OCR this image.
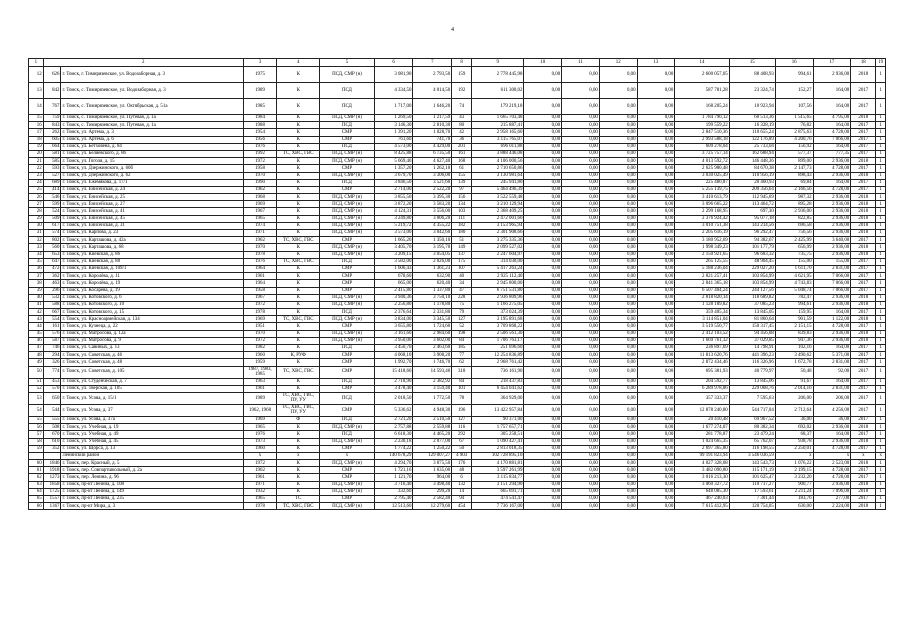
4
1	2		3	4	5	6	7	8	9	10	11	12	13	14	15	16	17	18	19
12	626	г. Томск, г. Тимирязевское, ул. Водозаборная, д. 3	1975	К	ПСД, СМР (н)	3 081,90	2 793,50	159	2 778 445,98	0,00	0,00	0,00	0,00	2 600 057,05	88 408,93	994,61	2 936,00	2018	1
13	842	г. Томск, с. Тимирязевское, ул. Водозаборная, д. 3	1989	К	ПСД	4 334,50	4 014,50	192	611 300,02	0,00	0,00	0,00	0,00	587 781,28	23 324,74	152,27	164,00	2017	1
14	767	г. Томск, с. Тимирязевское, ул. Октябрьская, д. 51а	1985	К	ПСД	1 717,00	1 646,20	74	179 219,18	0,00	0,00	0,00	0,00	168 205,24	10 923,94	107,56	164,00	2017	1
15	759	г. Томск, с. Тимирязевское, ул. Путевая, д. 1а	1984	К	ПСД, СМР (н)	1 269,50	1 217,59	43	1 665 703,48	0,00	0,00	0,00	0,00	1 784 790,12	60 513,36	1 515,65	4 795,00	2018	1
16	843	г. Томск, с. Тимирязевское, ул. Путевая, д. 1а	1988	К	ПСД	3 146,30	2 810,30	80	215 887,41	0,00	0,00	0,00	0,00	199 559,22	16 328,19	76,82	164,00	2017	1
17	262	г. Томск, ул. Артема, д. 3	1954	К	СМР	1 391,20	1 028,70	42	2 958 165,60	0,00	0,00	0,00	0,00	2 847 510,36	110 655,24	2 875,63	4 728,00	2017	1
18	605	г. Томск, ул. Артема, д. 6	1956	К	СМР	761,60	741,70	36	3 115 765,07	0,00	0,00	0,00	0,00	2 993 588,18	122 176,89	4 200,76	7 066,00	2017	1
19	664	г. Томск, ул. Бетховена, д. 84	1976	К	ПСД	4 573,00	4 429,00	201	696 011,88	0,00	0,00	0,00	0,00	609 278,04	25 733,04	156,92	164,00	2017	1
20	581	г. Томск, ул. Беляевского, д. 86	1992	ТС, ХВС, ГВС	ПСД, СМР (н)	8 425,88	6 735,50	161	3 888 446,08	0,00	0,00	0,00	0,00	3 725 757,14	162 688,94	577,37	777,35	2017	1
21	585	г. Томск, ул. Гоголя, д. 15	1972	К	ПСД, СМР (н)	5 669,40	4 627,40	168	4 106 000,56	0,00	0,00	0,00	0,00	4 013 592,72	146 448,36	899,00	2 936,00	2018	1
22	593	г. Томск, ул. Дзержинского, д. 60б	1958	К	СМР	1 357,20	1 262,10	61	2 710 650,86	0,00	0,00	0,00	0,00	2 625 980,48	84 670,38	2 147,73	4 728,00	2017	1
23	527	г. Томск, ул. Дзержинского, д. 62	1970	К	ПСД, СМР (н)	3 679,70	3 306,00	155	3 130 981,64	0,00	0,00	0,00	0,00	3 030 025,49	110 956,19	898,43	2 936,00	2018	1
24	689	г. Томск, ул. Ежемякова, д. 17/1	1990	К	ПСД	3 846,50	3 521,60	139	245 941,80	0,00	0,00	0,00	0,00	225 480,87	20 460,93	69,84	164,00	2017	1
25	414	г. Томск, ул. Енисейская, д. 24	1962	К	СМР	2 714,00	2 522,20	97	5 464 496,39	0,00	0,00	0,00	0,00	5 255 139,75	209 356,64	2 166,56	4 728,00	2017	1
26	546	г. Томск, ул. Енисейская, д. 25	1968	К	ПСД, СМР (н)	3 855,50	3 395,30	156	3 522 559,48	0,00	0,00	0,00	0,00	3 410 613,79	112 945,69	987,32	2 936,00	2018	1
27	599	г. Томск, ул. Енисейская, д. 27	1969	К	ПСД, СМР (н)	3 872,20	3 583,20	134	3 210 129,94	0,00	0,00	0,00	0,00	3 096 665,22	113 464,72	895,28	2 936,00	2018	1
28	524	г. Томск, ул. Енисейская, д. 41	1967	К	ПСД, СМР (н)	4 124,31	3 556,00	103	2 368 409,25	0,00	0,00	0,00	0,00	2 299 168,95	697,30	2 936,00	2 936,00	2018	1
29	509	г. Томск, ул. Енисейская, д. 45	1965	К	ПСД, СМР (н)	3 249,80	3 006,20	111	2 472 001,60	0,00	0,00	0,00	0,00	2 376 924,42	95 077,18	822,85	2 936,00	2018	1
30	617	г. Томск, ул. Енисейская, д. 31	1974	К	ПСД, СМР (н)	5 219,72	4 355,22	182	3 153 965,94	0,00	0,00	0,00	0,00	3 010 751,38	143 214,56	696,58	2 936,00	2018	1
31	574	г. Томск, ул. Карпова, д. 23	1971	К	ПСД, СМР (н)	3 573,00	3 042,60	180	2 301 908,66	0,00	0,00	0,00	0,00	2 205 616,19	96 292,47	756,56	2 936,00	2018	1
32	802	г. Томск, ул. Карташова, д. 42а	1962	ТС, ХВС, ГВС	СМР	1 665,20	1 350,10	51	3 275 335,36	0,00	0,00	0,00	0,00	3 180 952,69	94 382,67	2 425,99	3 640,00	2017	1
33	560	г. Томск, ул. Карташова, д. 68	1970	К	ПСД, СМР (н)	3 405,70	3 195,70	149	2 099 527,02	0,00	0,00	0,00	0,00	1 998 349,23	101 177,79	656,99	2 936,00	2018	1
34	653	г. Томск, ул. Киевская, д. 86	1978	К	ПСД, СМР (н)	3 209,15	3 054,05	137	2 247 604,97	0,00	0,00	0,00	0,00	2 150 921,65	96 683,32	735,75	2 936,00	2018	1
35	647	г. Томск, ул. Киевская, д. 88	1976	ТС, ХВС, ГВС	ПСД	3 582,00	2 026,00	175	314 030,00	0,00	0,00	0,00	0,00	265 125,55	48 904,45	155,00	155,00	2017	1
36	472	г. Томск, ул. Киевская, д. 109/1	1964	К	СМР	1 606,43	1 361,23	107	5 417 263,24	0,00	0,00	0,00	0,00	5 188 236,04	229 027,20	1 611,70	2 831,00	2017	1
37	362	г. Томск, ул. Королёва, д. 11	1961	К	СМР	678,60	632,90	40	2 925 112,40	0,00	0,00	0,00	0,00	2 821 257,41	103 854,99	4 621,95	7 066,00	2017	1
38	463	г. Томск, ул. Королёва, д. 19	1964	К	СМР	665,00	620,40	34	2 945 800,00	0,00	0,00	0,00	0,00	2 841 365,18	103 854,99	4 743,83	7 066,00	2017	1
39	296	г. Томск, ул. Косарева, д. 19	1958	К	СМР	2 415,80	1 337,80	47	6 751 531,80	0,00	0,00	0,00	0,00	6 507 404,24	244 127,56	5 048,74	7 066,00	2017	1
40	532	г. Томск, ул. Котовского, д. 6	1967	К	ПСД, СМР (н)	3 940,36	3 750,10	228	2 936 809,96	0,00	0,00	0,00	0,00	2 818 820,14	118 689,82	782,47	2 936,00	2018	1
41	588	г. Томск, ул. Котовского, д. 10	1972	К	ПСД, СМР (н)	2 256,80	1 178,80	75	1 166 275,05	0,00	0,00	0,00	0,00	1 128 189,82	37 085,23	994,61	2 936,00	2018	1
42	667	г. Томск, ул. Котовского, д. 15	1978	К	ПСД	2 376,64	2 331,80	79	373 024,39	0,00	0,00	0,00	0,00	359 405,34	13 845,05	159,95	164,00	2017	1
43	554	г. Томск, ул. Красноармейская, д. 134	1969	ТС, ХВС, ГВС	ПСД, СМР (н)	3 834,00	3 345,50	127	3 195 891,68	0,00	0,00	0,00	0,00	3 114 851,04	81 860,64	901,59	1 122,00	2018	1
44	161	г. Томск, ул. Кузнеца, д. 22	1951	К	СМР	3 655,80	1 724,60	52	3 709 868,22	0,00	0,00	0,00	0,00	3 519 550,77	150 317,45	2 151,15	4 728,00	2017	1
45	576	г. Томск, ул. Матросова, д. 12а	1970	К	ПСД, СМР (н)	3 161,60	2 984,60	198	2 506 561,30	0,00	0,00	0,00	0,00	2 412 103,52	94 456,88	839,83	2 936,00	2018	1
46	587	г. Томск, ул. Матросова, д. 9	1972	К	ПСД, СМР (н)	3 950,00	3 602,00	84	1 706 763,17	0,00	0,00	0,00	0,00	1 669 761,32	37 029,85	947,36	2 936,00	2018	1
47	746	г. Томск, ул. Савиных, д. 13	1982	К	ПСД	3 456,70	2 463,60	185	251 696,60	0,00	0,00	0,00	0,00	236 897,69	14 798,91	102,16	164,00	2017	1
48	294	г. Томск, ул. Советская, д. 46	1960	К, РУФ	СМР	4 068,10	3 908,20	77	12 254 836,89	0,00	0,00	0,00	0,00	11 813 620,76	441 396,23	3 490,62	5 371,00	2017	1
49	326	г. Томск, ул. Советская, д. 48	1959	К	СМР	1 992,70	1 746,70	62	2 968 761,42	0,00	0,00	0,00	0,00	2 872 434,46	116 326,96	1 672,78	2 831,00	2017	1
50	774	г. Томск, ул. Советская, д. 105	1987, 1983, 1985	ТС, ХВС, ГВС	СМР	15 418,66	14 593,46	318	736 161,90	0,00	0,00	0,00	0,00	695 381,93	40 779,97	50,48	92,00	2017	1
51	453	г. Томск, ул. Студенческая, д. 7	1963	К	ПСД	2 718,90	2 382,92	84	218 437,83	0,00	0,00	0,00	0,00	204 592,77	13 845,06	91,67	164,00	2017	1
52	570	г. Томск, ул. Тверская, д. 105	1961	К	СМР	3 478,40	3 159,40	101	6 454 041,62	0,00	0,00	0,00	0,00	6 289 978,86	229 068,76	2 014,16	2 831,00	2017	1
53	650	г. Томск, ул. Усова, д. 15/1	1989	ТС, ХВС, ГВС, ПУ, УУ	ПСД	2 018,50	1 772,50	78	364 929,00	0,00	0,00	0,00	0,00	357 333,37	7 595,63	206,00	206,00	2017	1
54	544	г. Томск, ул. Усова, д. 37	1962, 1968	ТС, ХВС, ГВС, ПУ, УУ	СМР	5 336,62	4 948,30	196	13 422 957,84	0,00	0,00	0,00	0,00	12 878 240,80	544 717,04	2 712,64	4 256,00	2017	1
55	555	г. Томск, ул. Усова, д. 37а	1969	Ф	ПСД	2 721,20	2 510,50	127	90 371,00	0,00	0,00	0,00	0,00	20 410,48	69 967,52	36,00	36,00	2017	1
56	508	г. Томск, ул. Учебная, д. 19	1965	К	ПСД, СМР (н)	2 757,88	2 559,88	116	1 757 657,71	0,00	0,00	0,00	0,00	1 677 274,07	80 382,34	692,02	2 936,00	2018	1
57	670	г. Томск, ул. Учебная, д. 49	1976	К	ПСД	6 618,30	4 465,20	292	305 258,51	0,00	0,00	0,00	0,00	281 778,87	23 479,24	68,37	164,00	2017	1
58	610	г. Томск, ул. Учебная, д. 45	1973	К	ПСД, СМР (н)	2 230,18	2 077,00	67	1 090 427,41	0,00	0,00	0,00	0,00	1 024 665,35	65 762,07	938,78	2 936,00	2018	1
59	352	г. Томск, ул. Щорса, д. 13	1960	К	СМР	1 774,22	1 250,22	50	2 813 018,35	0,00	0,00	0,00	0,00	2 697 365,80	116 198,55	2 250,01	4 728,00	2017	1
		Ленинский район	х	х	х	140 678,29	129 007,27	4 903	102 728 895,10	0,00	0,00	0,00	0,00	99 191 823,94	3 546 036,59	х	х	х	х
60	1846	г. Томск, пер. Красный, д. 5	1972	К	ПСД, СМР (н)	4 294,70	3 875,50	176	4 170 881,81	0,00	0,00	0,00	0,00	4 027 328,08	143 543,73	1 076,22	2 523,00	2018	1
61	1918	г. Томск, пер. Совпартшкольный, д. 2а	1962	К	СМР	1 721,16	1 635,00	48	3 597 261,99	0,00	0,00	0,00	0,00	3 482 090,80	115 171,19	2 199,15	4 728,00	2017	1
62	1273	г. Томск, пер. Ленина, д. 96	1961	К	СМР	1 121,70	964,00	6	3 115 834,77	0,00	0,00	0,00	0,00	3 016 213,30	101 625,47	3 232,20	4 728,00	2017	1
63	1858	г. Томск, пр-кт Ленина, д. 108	1971	К	ПСД, СМР (н)	3 716,40	3 498,40	132	3 151 294,90	0,00	0,00	0,00	0,00	3 060 327,72	110 717,27	900,77	2 936,00	2018	1
64	1725	г. Томск, пр-кт Ленина, д. 149	1932	К	ПСД, СМР (н)	332,60	299,20	14	665 691,71	0,00	0,00	0,00	0,00	648 085,30	17 593,61	2 211,24	7 096,00	2018	1
65	1557	г. Томск, пр-кт Ленина, д. 235	1965	ТС	СМР	2 795,40	2 582,40	94	474 541,47	0,00	0,00	0,00	0,00	467 240,03	7 301,44	183,76	277,00	2017	1
66	1367	г. Томск, пр-кт Мира, д. 3	1978	ТС, ХВС, ГВС	ПСД, СМР (н)	12 513,60	12 279,60	454	7 736 167,00	0,00	0,00	0,00	0,00	7 615 412,95	120 754,05	630,00	2 224,00	2018	1
